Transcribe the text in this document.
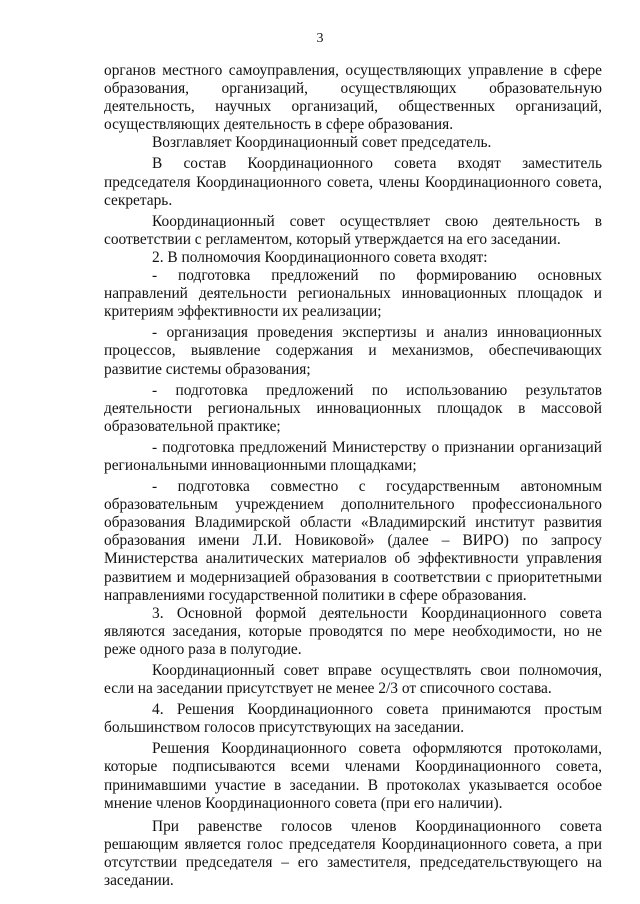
3

органов местного самоуправления, осуществляющих управление в сфере образования, организаций, осуществляющих образовательную деятельность, научных организаций, общественных организаций, осуществляющих деятельность в сфере образования.

Возглавляет Координационный совет председатель.

В состав Координационного совета входят заместитель председателя Координационного совета, члены Координационного совета, секретарь.

Координационный совет осуществляет свою деятельность в соответствии с регламентом, который утверждается на его заседании.

2. В полномочия Координационного совета входят:

- подготовка предложений по формированию основных направлений деятельности региональных инновационных площадок и критериям эффективности их реализации;

- организация проведения экспертизы и анализ инновационных процессов, выявление содержания и механизмов, обеспечивающих развитие системы образования;

- подготовка предложений по использованию результатов деятельности региональных инновационных площадок в массовой образовательной практике;

- подготовка предложений Министерству о признании организаций региональными инновационными площадками;

- подготовка совместно с государственным автономным образовательным учреждением дополнительного профессионального образования Владимирской области «Владимирский институт развития образования имени Л.И. Новиковой» (далее – ВИРО) по запросу Министерства аналитических материалов об эффективности управления развитием и модернизацией образования в соответствии с приоритетными направлениями государственной политики в сфере образования.

3. Основной формой деятельности Координационного совета являются заседания, которые проводятся по мере необходимости, но не реже одного раза в полугодие.

Координационный совет вправе осуществлять свои полномочия, если на заседании присутствует не менее 2/3 от списочного состава.

4. Решения Координационного совета принимаются простым большинством голосов присутствующих на заседании.

Решения Координационного совета оформляются протоколами, которые подписываются всеми членами Координационного совета, принимавшими участие в заседании. В протоколах указывается особое мнение членов Координационного совета (при его наличии).

При равенстве голосов членов Координационного совета решающим является голос председателя Координационного совета, а при отсутствии председателя – его заместителя, председательствующего на заседании.
